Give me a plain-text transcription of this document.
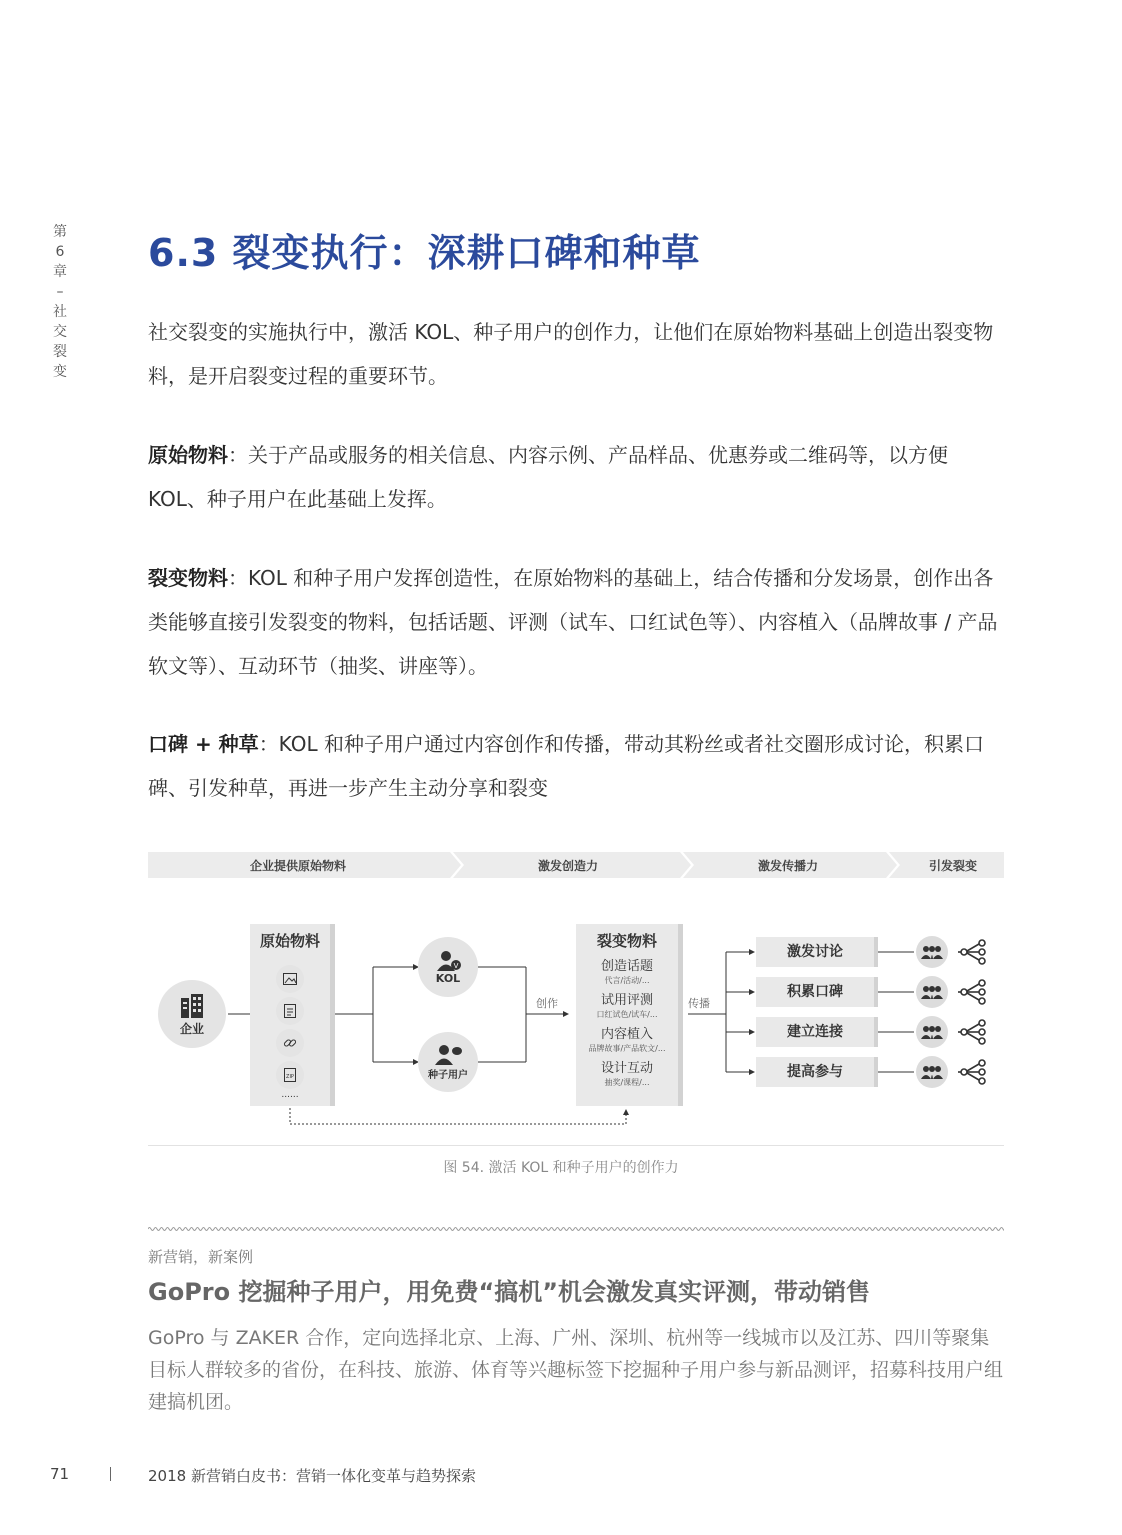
第
6
章
–
社
交
裂
变
6.3 裂变执行：深耕口碑和种草

社交裂变的实施执行中，激活 KOL、种子用户的创作力，让他们在原始物料基础上创造出裂变物料，是开启裂变过程的重要环节。

原始物料：关于产品或服务的相关信息、内容示例、产品样品、优惠券或二维码等，以方便 KOL、种子用户在此基础上发挥。

裂变物料：KOL 和种子用户发挥创造性，在原始物料的基础上，结合传播和分发场景，创作出各类能够直接引发裂变的物料，包括话题、评测（试车、口红试色等）、内容植入（品牌故事 / 产品软文等）、互动环节（抽奖、讲座等）。

口碑 + 种草：KOL 和种子用户通过内容创作和传播，带动其粉丝或者社交圈形成讨论，积累口碑、引发种草，再进一步产生主动分享和裂变

企业提供原始物料	激发创造力	激发传播力	引发裂变
企业
原始物料
ZIP
......
V
KOL
种子用户
创作	传播
裂变物料
创造话题
代言/活动/...
试用评测
口红试色/试车/...
内容植入
品牌故事/产品软文/...
设计互动
抽奖/课程/...
激发讨论
积累口碑
建立连接
提高参与
图 54. 激活 KOL 和种子用户的创作力
新营销，新案例
GoPro 挖掘种子用户，用免费“搞机”机会激发真实评测，带动销售
GoPro 与 ZAKER 合作，定向选择北京、上海、广州、深圳、杭州等一线城市以及江苏、四川等聚集目标人群较多的省份，在科技、旅游、体育等兴趣标签下挖掘种子用户参与新品测评，招募科技用户组建搞机团。
71	2018 新营销白皮书：营销一体化变革与趋势探索
